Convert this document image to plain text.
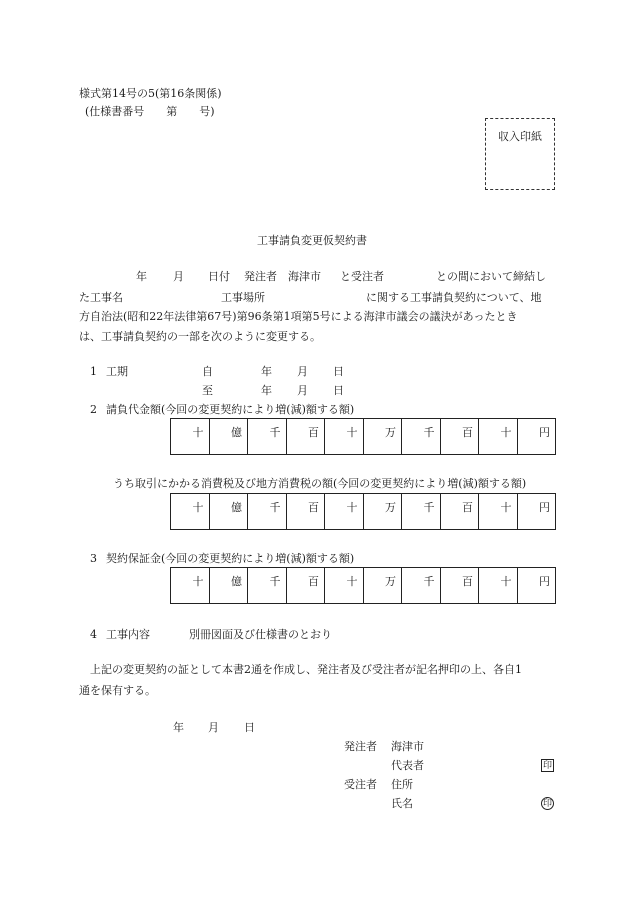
様式第14号の5(第16条関係)
(仕様書番号　　第　　号)
収入印紙
工事請負変更仮契約書
年 月 日付 発注者　海津市 と受注者	との間において締結し
た工事名	工事場所	に関する工事請負契約について、地
方自治法(昭和22年法律第67号)第96条第1項第5号による海津市議会の議決があったとき
は、工事請負契約の一部を次のように変更する。
1 工期	自	年 月 日
至	年 月 日
2 請負代金額(今回の変更契約により増(減)額する額)
十	億	千	百	十	万	千	百	十	円
うち取引にかかる消費税及び地方消費税の額(今回の変更契約により増(減)額する額)
十	億	千	百	十	万	千	百	十	円
3 契約保証金(今回の変更契約により増(減)額する額)
十	億	千	百	十	万	千	百	十	円
4 工事内容	別冊図面及び仕様書のとおり
上記の変更契約の証として本書2通を作成し、発注者及び受注者が記名押印の上、各自1
通を保有する。
年 月 日
発注者 海津市
代表者	印
受注者 住所
氏名	印
